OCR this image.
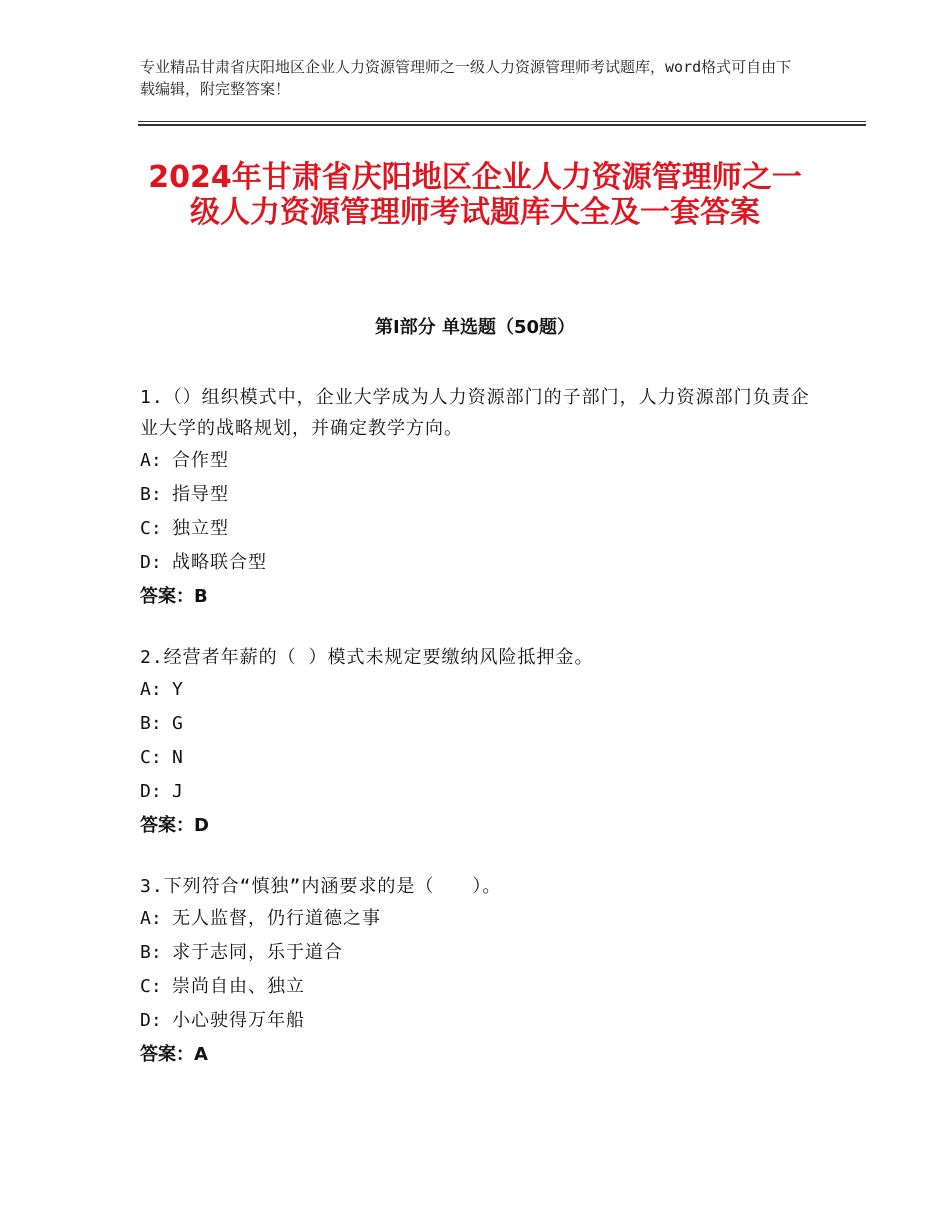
专业精品甘肃省庆阳地区企业人力资源管理师之一级人力资源管理师考试题库，word格式可自由下载编辑，附完整答案！
2024年甘肃省庆阳地区企业人力资源管理师之一级人力资源管理师考试题库大全及一套答案
第Ⅰ部分 单选题（50题）

1.（）组织模式中，企业大学成为人力资源部门的子部门，人力资源部门负责企业大学的战略规划，并确定教学方向。

A: 合作型

B: 指导型

C: 独立型

D: 战略联合型

答案：B

2.经营者年薪的（ ）模式未规定要缴纳风险抵押金。

A: Y

B: G

C: N

D: J

答案：D

3.下列符合“慎独”内涵要求的是（　　）。

A: 无人监督，仍行道德之事

B: 求于志同，乐于道合

C: 崇尚自由、独立

D: 小心驶得万年船

答案：A
